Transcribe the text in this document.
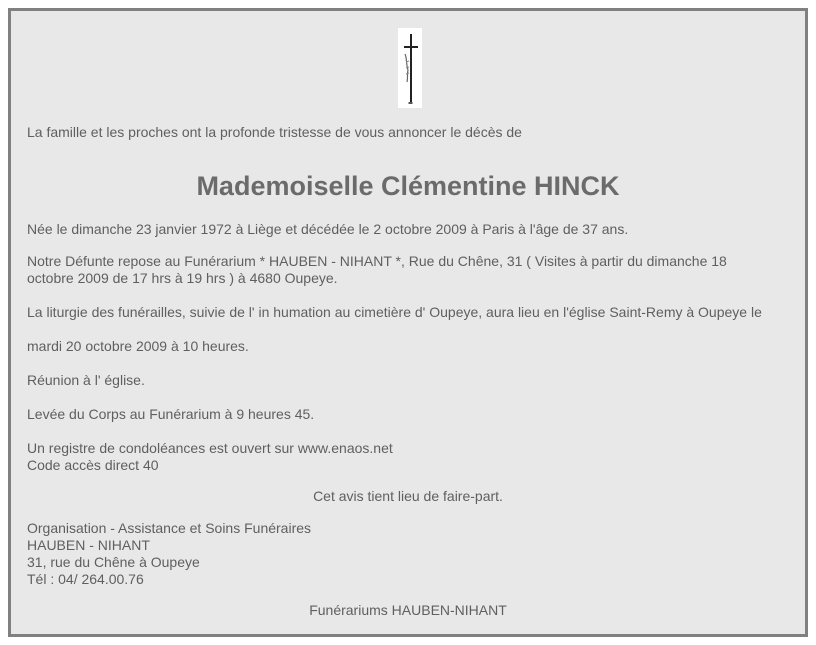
La famille et les proches ont la profonde tristesse de vous annoncer le décès de
Mademoiselle Clémentine HINCK
Née le dimanche 23 janvier 1972 à Liège et décédée le 2 octobre 2009 à Paris à l'âge de 37 ans.
Notre Défunte repose au Funérarium * HAUBEN - NIHANT *, Rue du Chêne, 31 ( Visites à partir du dimanche 18
octobre 2009 de 17 hrs à 19 hrs ) à 4680 Oupeye.
La liturgie des funérailles, suivie de l' in humation au cimetière d' Oupeye, aura lieu en l'église Saint-Remy à Oupeye le
mardi 20 octobre 2009 à 10 heures.
Réunion à l' église.
Levée du Corps au Funérarium à 9 heures 45.
Un registre de condoléances est ouvert sur www.enaos.net
Code accès direct 40
Cet avis tient lieu de faire-part.
Organisation - Assistance et Soins Funéraires
HAUBEN - NIHANT
31, rue du Chêne à Oupeye
Tél : 04/ 264.00.76
Funérariums HAUBEN-NIHANT
